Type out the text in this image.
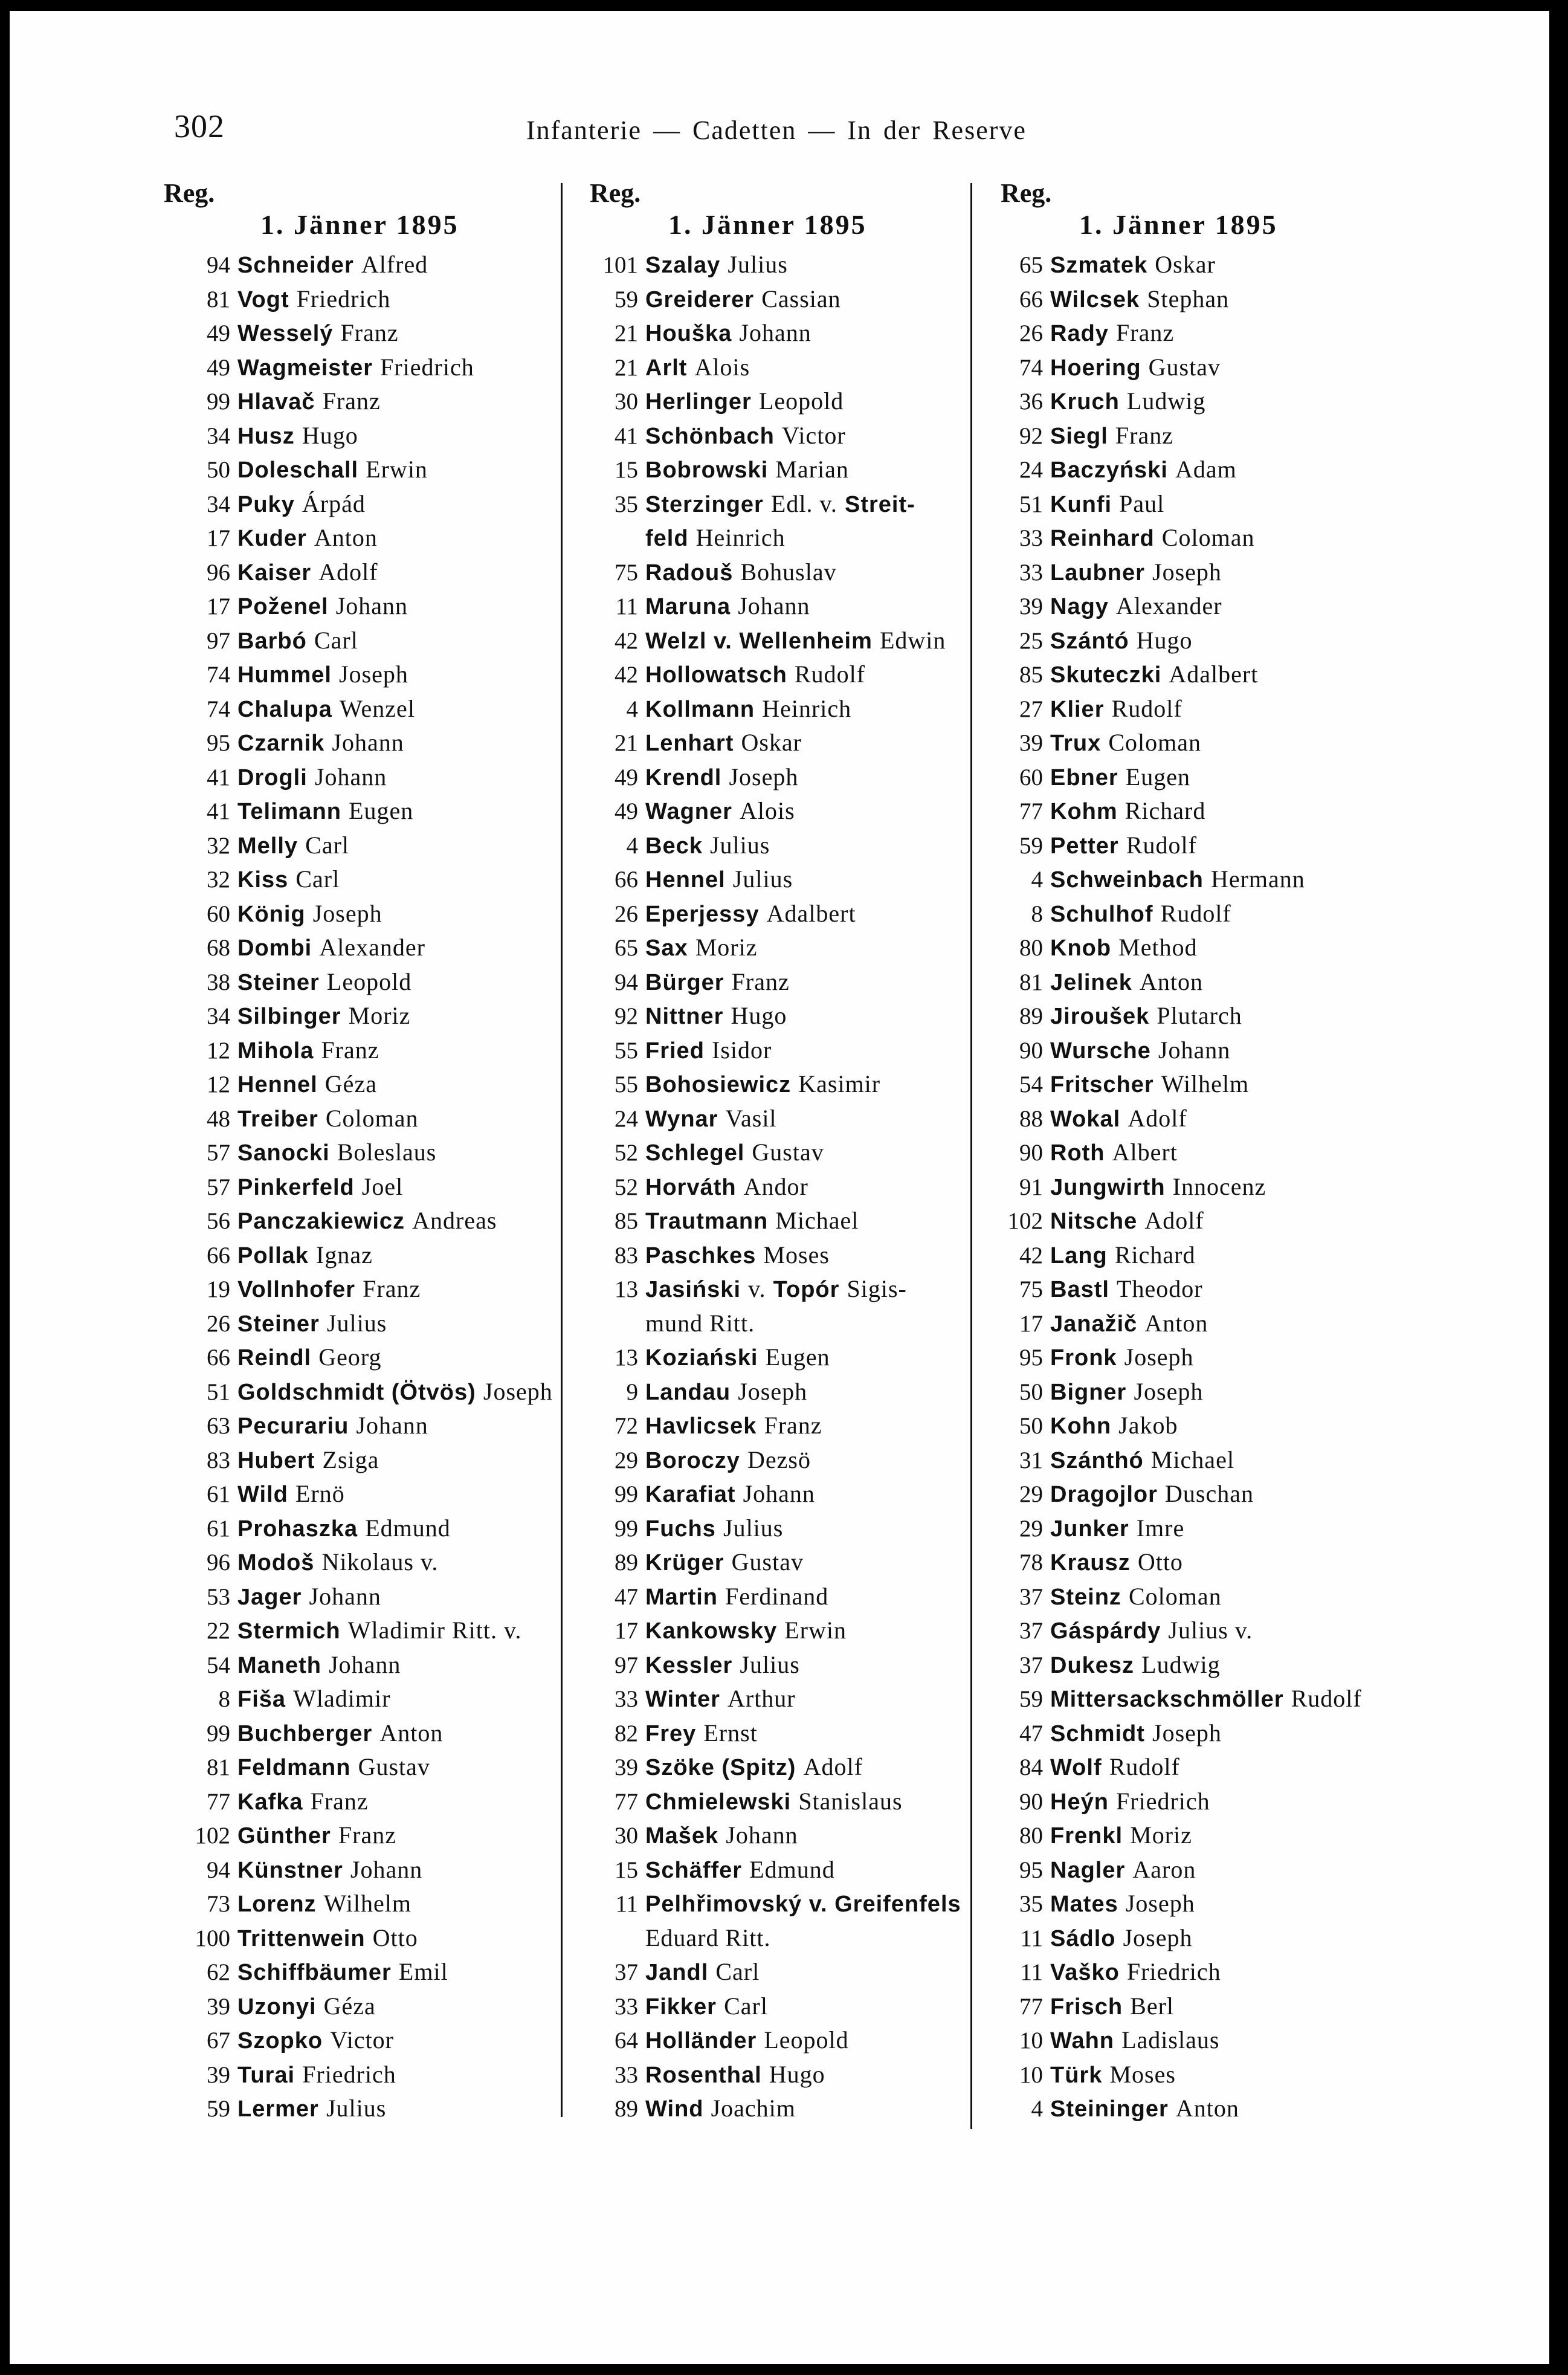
302	Infanterie — Cadetten — In der Reserve
Reg.
1. Jänner 1895
94 Schneider Alfred
81 Vogt Friedrich
49 Wesselý Franz
49 Wagmeister Friedrich
99 Hlavač Franz
34 Husz Hugo
50 Doleschall Erwin
34 Puky Árpád
17 Kuder Anton
96 Kaiser Adolf
17 Poženel Johann
97 Barbó Carl
74 Hummel Joseph
74 Chalupa Wenzel
95 Czarnik Johann
41 Drogli Johann
41 Telimann Eugen
32 Melly Carl
32 Kiss Carl
60 König Joseph
68 Dombi Alexander
38 Steiner Leopold
34 Silbinger Moriz
12 Mihola Franz
12 Hennel Géza
48 Treiber Coloman
57 Sanocki Boleslaus
57 Pinkerfeld Joel
56 Panczakiewicz Andreas
66 Pollak Ignaz
19 Vollnhofer Franz
26 Steiner Julius
66 Reindl Georg
51 Goldschmidt (Ötvös) Joseph
63 Pecurariu Johann
83 Hubert Zsiga
61 Wild Ernö
61 Prohaszka Edmund
96 Modoš Nikolaus v.
53 Jager Johann
22 Stermich Wladimir Ritt. v.
54 Maneth Johann
8 Fiša Wladimir
99 Buchberger Anton
81 Feldmann Gustav
77 Kafka Franz
102 Günther Franz
94 Künstner Johann
73 Lorenz Wilhelm
100 Trittenwein Otto
62 Schiffbäumer Emil
39 Uzonyi Géza
67 Szopko Victor
39 Turai Friedrich
59 Lermer Julius
Reg.
1. Jänner 1895
101 Szalay Julius
59 Greiderer Cassian
21 Houška Johann
21 Arlt Alois
30 Herlinger Leopold
41 Schönbach Victor
15 Bobrowski Marian
35 Sterzinger Edl. v. Streit-
feld Heinrich
75 Radouš Bohuslav
11 Maruna Johann
42 Welzl v. Wellenheim Edwin
42 Hollowatsch Rudolf
4 Kollmann Heinrich
21 Lenhart Oskar
49 Krendl Joseph
49 Wagner Alois
4 Beck Julius
66 Hennel Julius
26 Eperjessy Adalbert
65 Sax Moriz
94 Bürger Franz
92 Nittner Hugo
55 Fried Isidor
55 Bohosiewicz Kasimir
24 Wynar Vasil
52 Schlegel Gustav
52 Horváth Andor
85 Trautmann Michael
83 Paschkes Moses
13 Jasiński v. Topór Sigis-
mund Ritt.
13 Koziański Eugen
9 Landau Joseph
72 Havlicsek Franz
29 Boroczy Dezsö
99 Karafiat Johann
99 Fuchs Julius
89 Krüger Gustav
47 Martin Ferdinand
17 Kankowsky Erwin
97 Kessler Julius
33 Winter Arthur
82 Frey Ernst
39 Szöke (Spitz) Adolf
77 Chmielewski Stanislaus
30 Mašek Johann
15 Schäffer Edmund
11 Pelhřimovský v. Greifenfels
Eduard Ritt.
37 Jandl Carl
33 Fikker Carl
64 Holländer Leopold
33 Rosenthal Hugo
89 Wind Joachim
Reg.
1. Jänner 1895
65 Szmatek Oskar
66 Wilcsek Stephan
26 Rady Franz
74 Hoering Gustav
36 Kruch Ludwig
92 Siegl Franz
24 Baczyński Adam
51 Kunfi Paul
33 Reinhard Coloman
33 Laubner Joseph
39 Nagy Alexander
25 Szántó Hugo
85 Skuteczki Adalbert
27 Klier Rudolf
39 Trux Coloman
60 Ebner Eugen
77 Kohm Richard
59 Petter Rudolf
4 Schweinbach Hermann
8 Schulhof Rudolf
80 Knob Method
81 Jelinek Anton
89 Jiroušek Plutarch
90 Wursche Johann
54 Fritscher Wilhelm
88 Wokal Adolf
90 Roth Albert
91 Jungwirth Innocenz
102 Nitsche Adolf
42 Lang Richard
75 Bastl Theodor
17 Janažič Anton
95 Fronk Joseph
50 Bigner Joseph
50 Kohn Jakob
31 Szánthó Michael
29 Dragojlor Duschan
29 Junker Imre
78 Krausz Otto
37 Steinz Coloman
37 Gáspárdy Julius v.
37 Dukesz Ludwig
59 Mittersackschmöller Rudolf
47 Schmidt Joseph
84 Wolf Rudolf
90 Heýn Friedrich
80 Frenkl Moriz
95 Nagler Aaron
35 Mates Joseph
11 Sádlo Joseph
11 Vaško Friedrich
77 Frisch Berl
10 Wahn Ladislaus
10 Türk Moses
4 Steininger Anton
